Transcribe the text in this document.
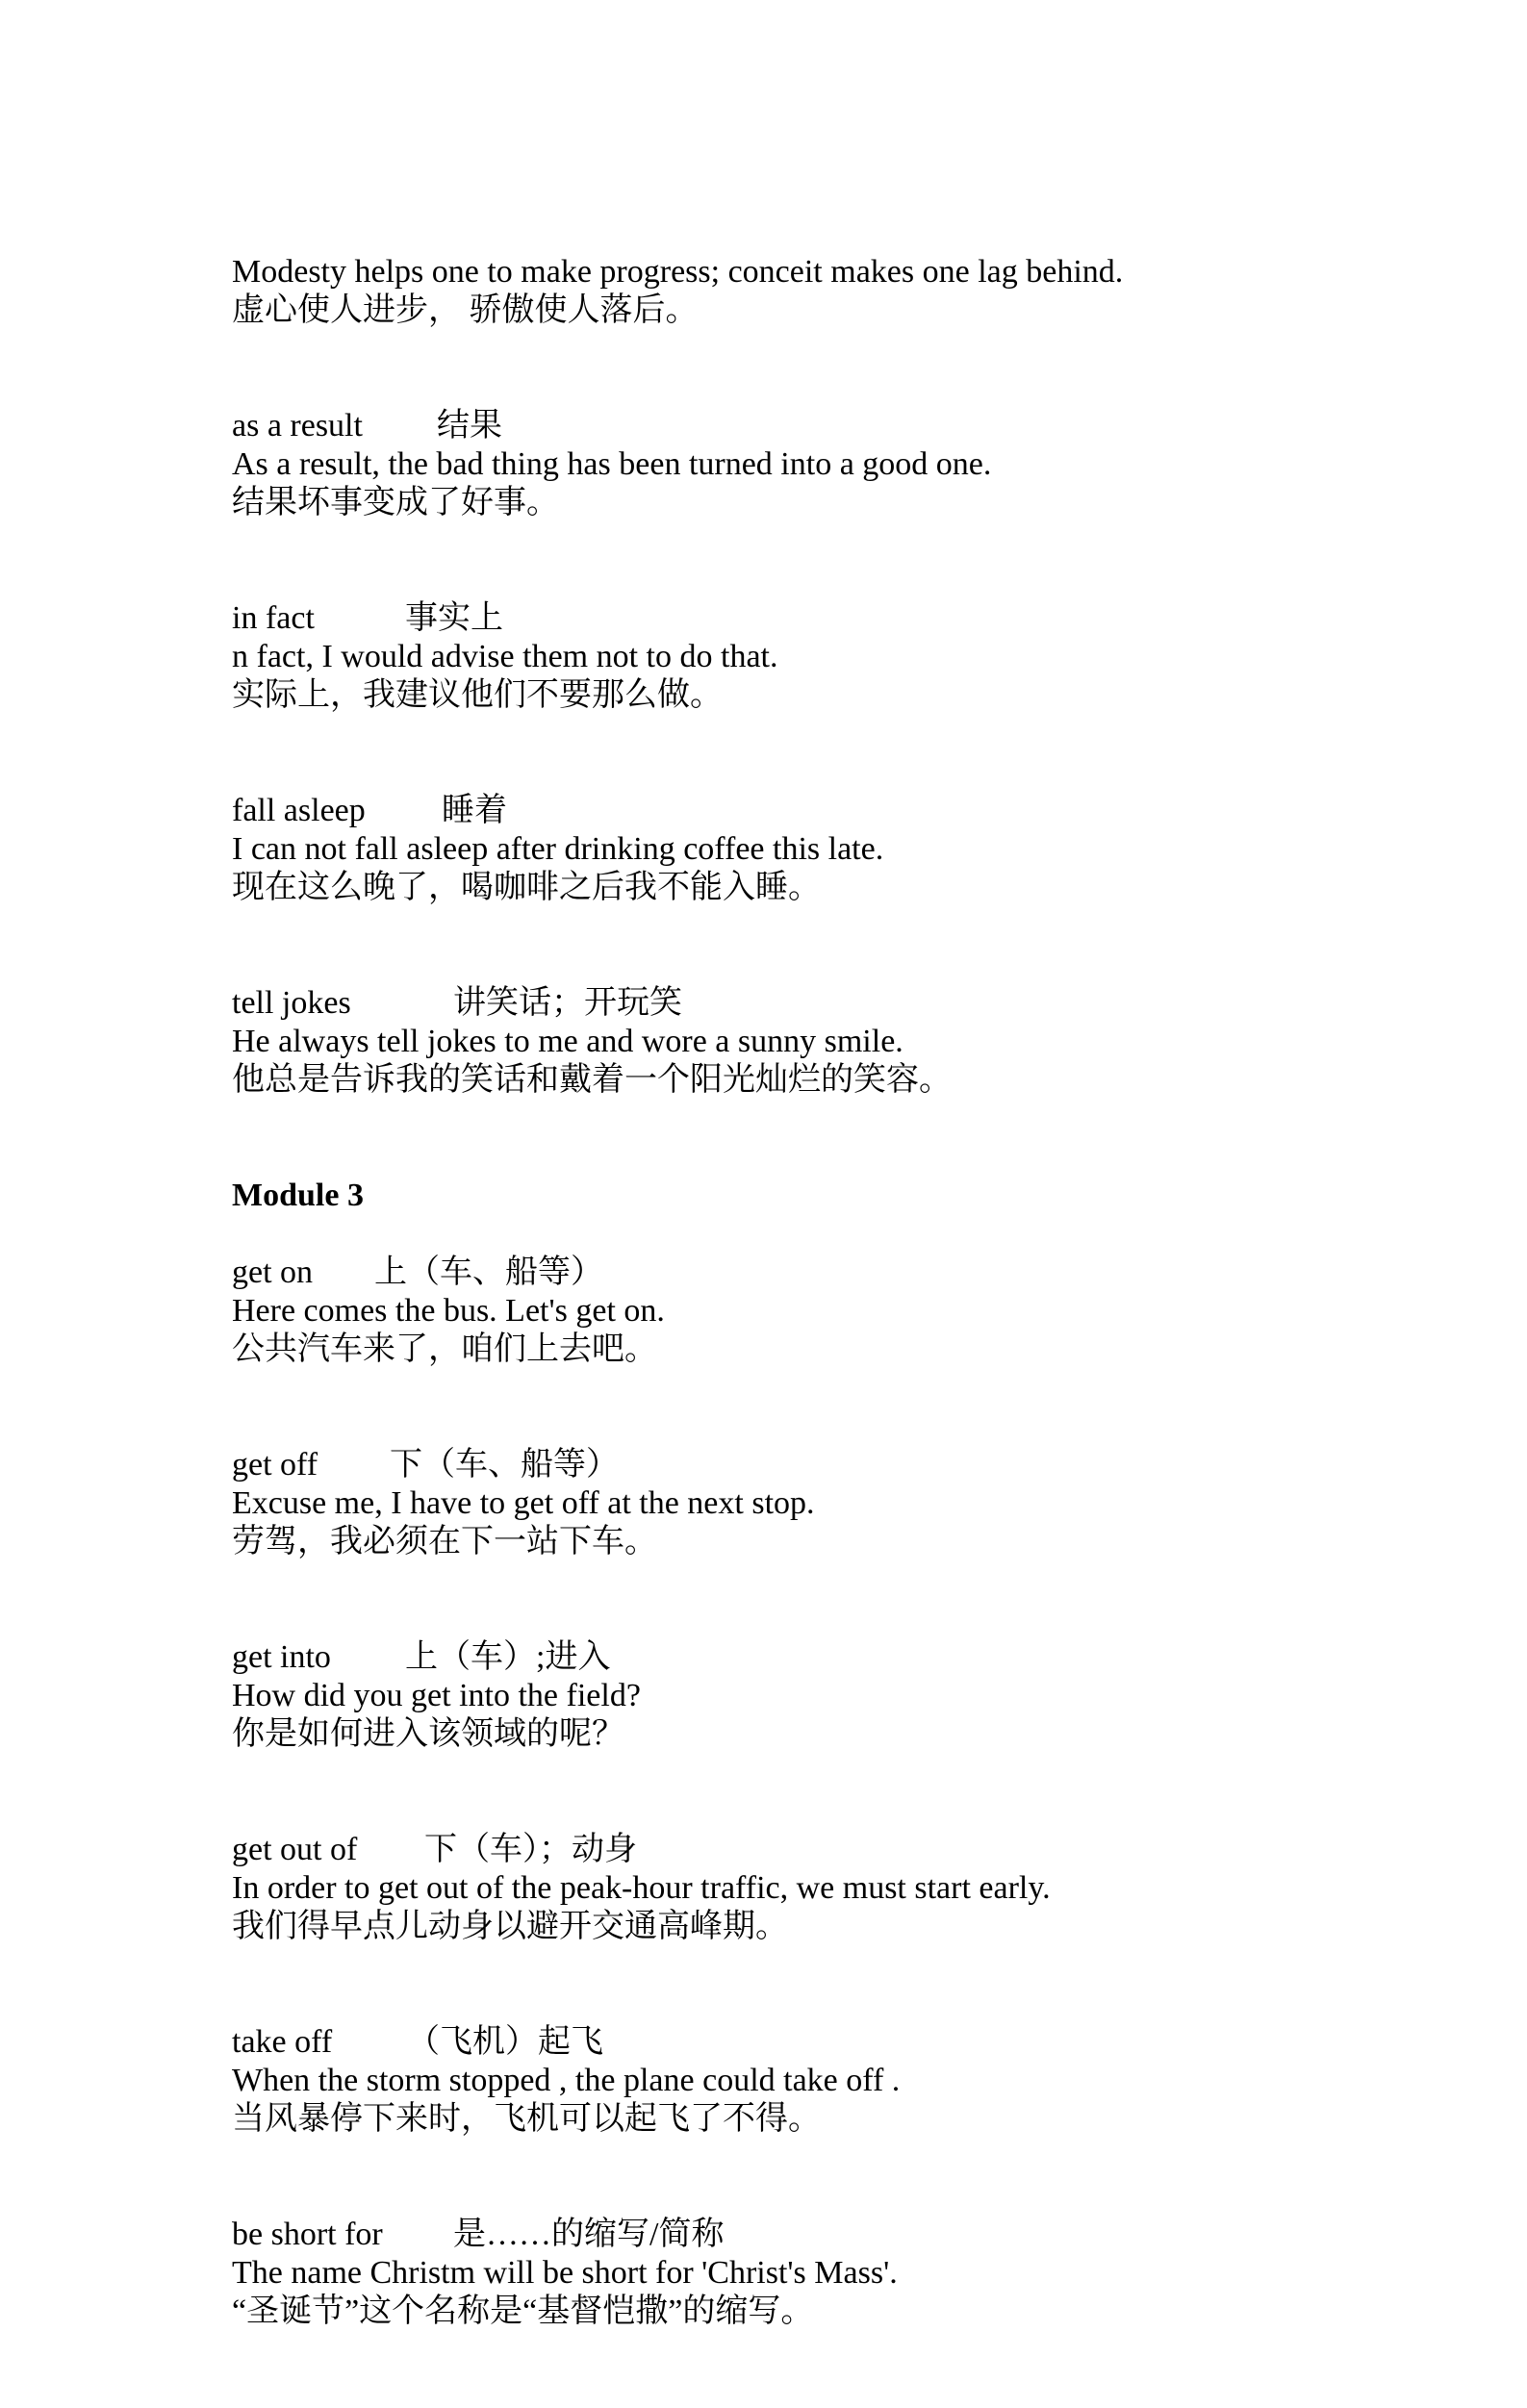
Modesty helps one to make progress; conceit makes one lag behind.
虚心使人进步， 骄傲使人落后。
as a result 结果
As a result, the bad thing has been turned into a good one.
结果坏事变成了好事。
in fact	事实上
n fact, I would advise them not to do that.
实际上，我建议他们不要那么做。
fall asleep 睡着
I can not fall asleep after drinking coffee this late.
现在这么晚了，喝咖啡之后我不能入睡。
tell jokes	讲笑话；开玩笑
He always tell jokes to me and wore a sunny smile.
他总是告诉我的笑话和戴着一个阳光灿烂的笑容。
Module 3
get on 上（车、船等）
Here comes the bus. Let's get on.
公共汽车来了，咱们上去吧。
get off 下（车、船等）
Excuse me, I have to get off at the next stop.
劳驾，我必须在下一站下车。
get into 上（车）;进入
How did you get into the field?
你是如何进入该领域的呢？
get out of 下（车）；动身
In order to get out of the peak-hour traffic, we must start early.
我们得早点儿动身以避开交通高峰期。
take off （飞机）起飞
When the storm stopped , the plane could take off .
当风暴停下来时，飞机可以起飞了不得。
be short for 是……的缩写/简称
The name Christm will be short for 'Christ's Mass'.
“圣诞节”这个名称是“基督恺撒”的缩写。
